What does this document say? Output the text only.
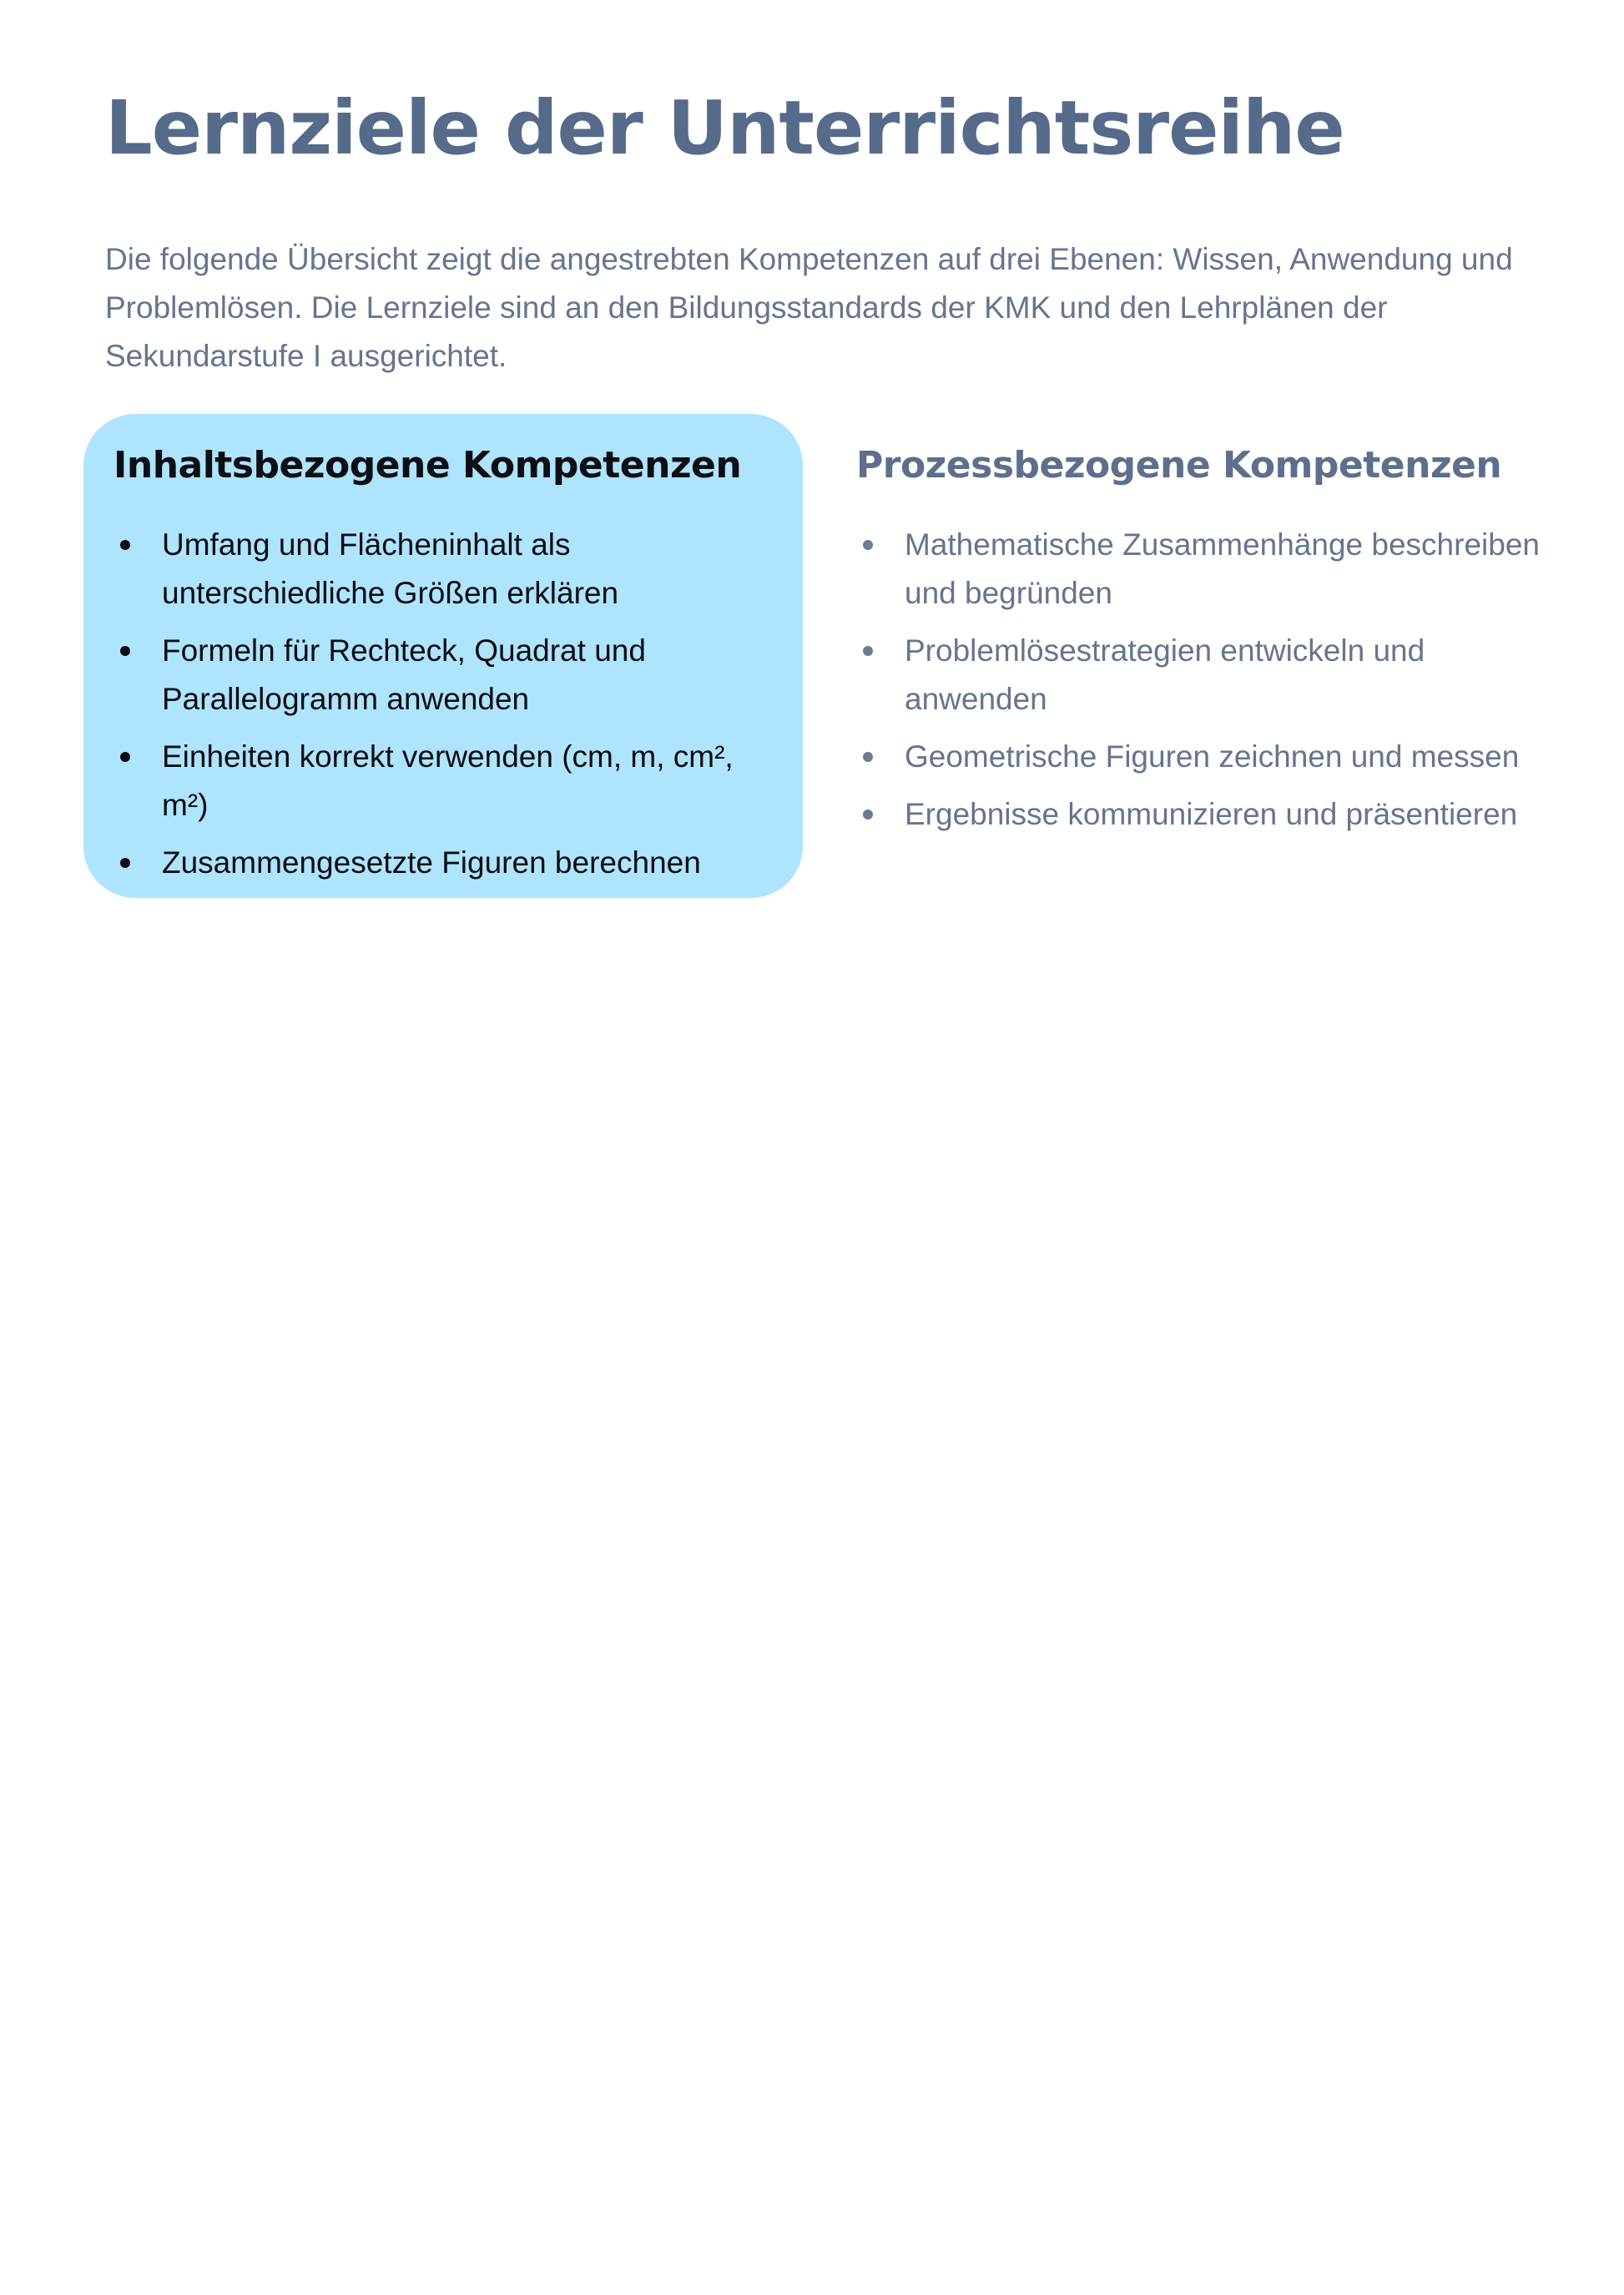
Lernziele der Unterrichtsreihe

Die folgende Übersicht zeigt die angestrebten Kompetenzen auf drei Ebenen: Wissen, Anwendung und Problemlösen. Die Lernziele sind an den Bildungsstandards der KMK und den Lehrplänen der Sekundarstufe I ausgerichtet.

Inhaltsbezogene Kompetenzen
Umfang und Flächeninhalt als unterschiedliche Größen erklären
Formeln für Rechteck, Quadrat und Parallelogramm anwenden
Einheiten korrekt verwenden (cm, m, cm², m²)
Zusammengesetzte Figuren berechnen
Prozessbezogene Kompetenzen
Mathematische Zusammenhänge beschreiben und begründen
Problemlösestrategien entwickeln und anwenden
Geometrische Figuren zeichnen und messen
Ergebnisse kommunizieren und präsentieren
